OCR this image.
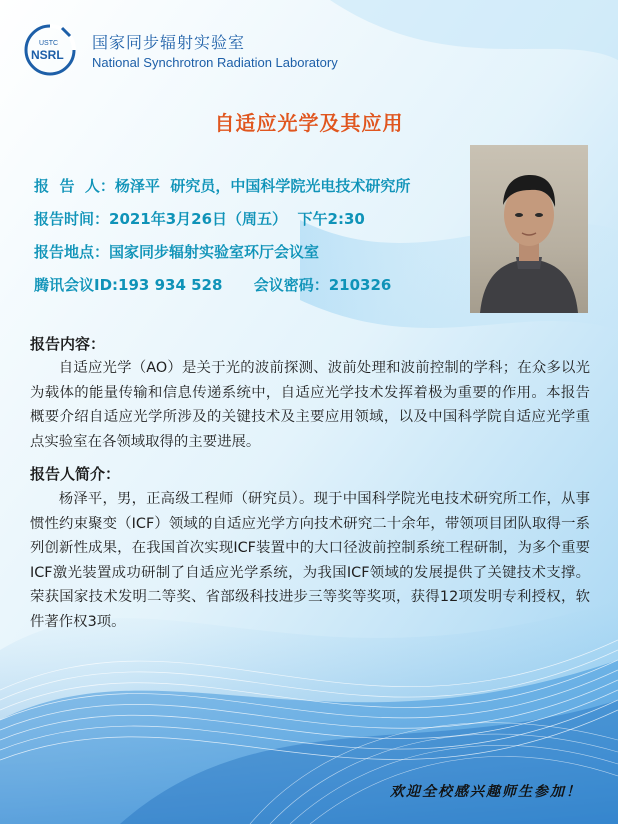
USTC
NSRL
国家同步辐射实验室
National Synchrotron Radiation Laboratory
自适应光学及其应用
报  告  人：杨泽平  研究员，中国科学院光电技术研究所
报告时间：2021年3月26日（周五）  下午2:30
报告地点：国家同步辐射实验室环厅会议室
腾讯会议ID:193 934 528      会议密码：210326
报告内容：

自适应光学（AO）是关于光的波前探测、波前处理和波前控制的学科；在众多以光为载体的能量传输和信息传递系统中，自适应光学技术发挥着极为重要的作用。本报告概要介绍自适应光学所涉及的关键技术及主要应用领域，以及中国科学院自适应光学重点实验室在各领域取得的主要进展。

报告人简介：

杨泽平，男，正高级工程师（研究员）。现于中国科学院光电技术研究所工作，从事惯性约束聚变（ICF）领域的自适应光学方向技术研究二十余年，带领项目团队取得一系列创新性成果，在我国首次实现ICF装置中的大口径波前控制系统工程研制，为多个重要ICF激光装置成功研制了自适应光学系统，为我国ICF领域的发展提供了关键技术支撑。荣获国家技术发明二等奖、省部级科技进步三等奖等奖项，获得12项发明专利授权，软件著作权3项。

欢迎全校感兴趣师生参加！
